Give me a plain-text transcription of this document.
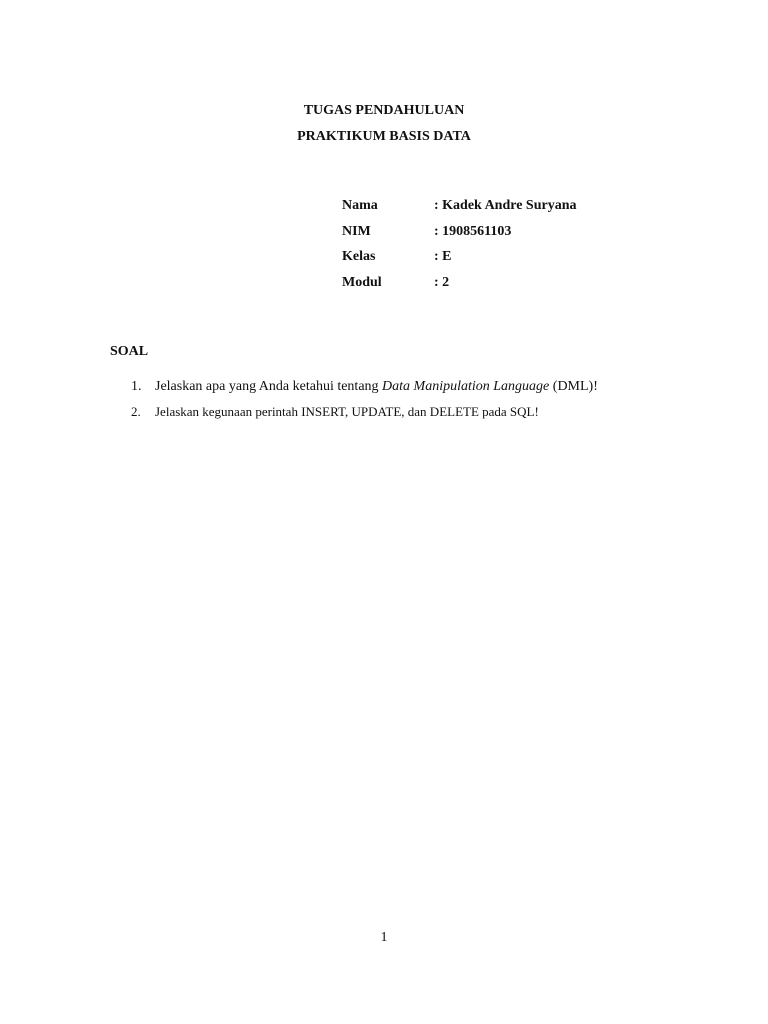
TUGAS PENDAHULUAN
PRAKTIKUM BASIS DATA
Nama	: Kadek Andre Suryana
NIM	: 1908561103
Kelas	: E
Modul	: 2
SOAL
1. Jelaskan apa yang Anda ketahui tentang Data Manipulation Language (DML)!
2.	Jelaskan kegunaan perintah INSERT, UPDATE, dan DELETE pada SQL!
1
